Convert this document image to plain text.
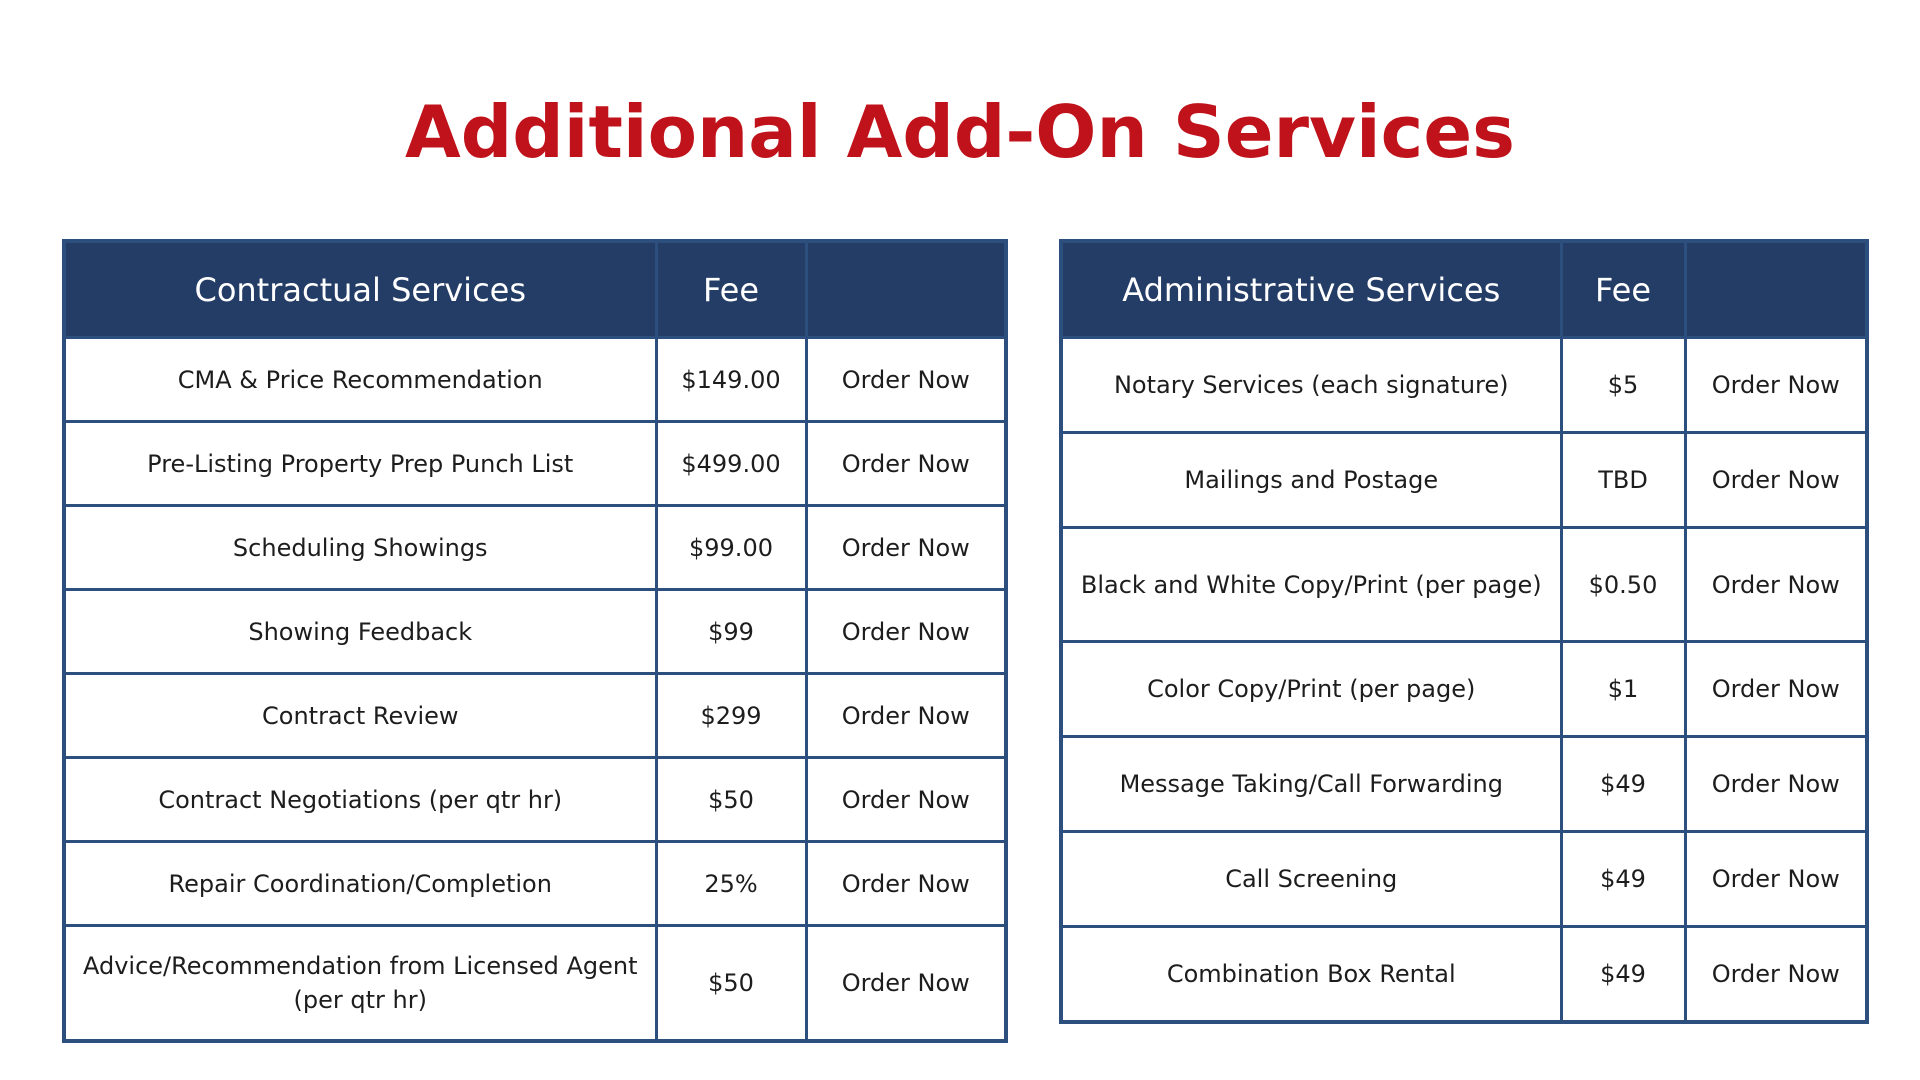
Additional Add-On Services
Contractual Services	Fee	
CMA & Price Recommendation	$149.00	Order Now
Pre-Listing Property Prep Punch List	$499.00	Order Now
Scheduling Showings	$99.00	Order Now
Showing Feedback	$99	Order Now
Contract Review	$299	Order Now
Contract Negotiations (per qtr hr)	$50	Order Now
Repair Coordination/Completion	25%	Order Now
Advice/Recommendation from Licensed Agent (per qtr hr)	$50	Order Now
Administrative Services	Fee	
Notary Services (each signature)	$5	Order Now
Mailings and Postage	TBD	Order Now
Black and White Copy/Print (per page)	$0.50	Order Now
Color Copy/Print (per page)	$1	Order Now
Message Taking/Call Forwarding	$49	Order Now
Call Screening	$49	Order Now
Combination Box Rental	$49	Order Now
